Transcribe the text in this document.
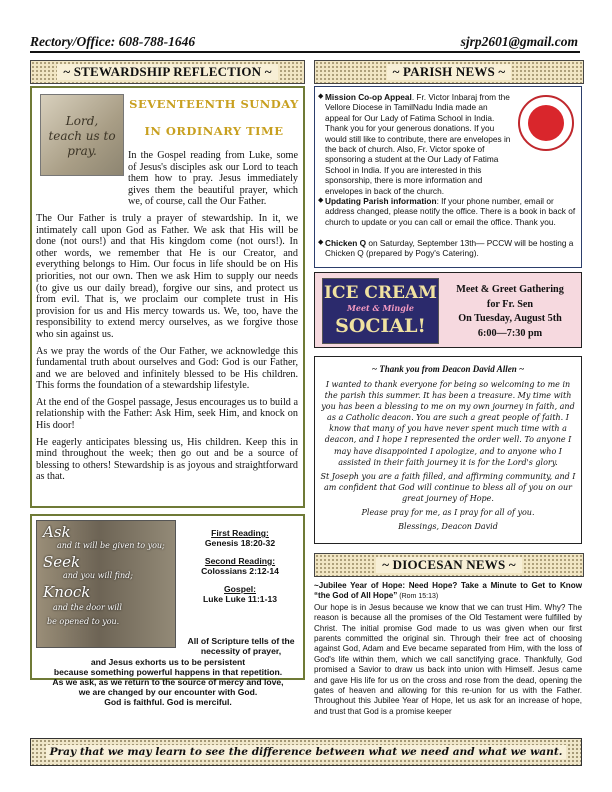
Rectory/Office: 608-788-1646	sjrp2601@gmail.com
~ STEWARDSHIP REFLECTION ~	~ PARISH NEWS ~
Lord,
teach us to
pray.
SEVENTEENTH SUNDAY
IN ORDINARY TIME

In the Gospel reading from Luke, some of Jesus's disciples ask our Lord to teach them how to pray. Jesus immediately gives them the beautiful prayer, which we, of course, call the Our Father.

The Our Father is truly a prayer of stewardship. In it, we intimately call upon God as Father. We ask that His will be done (not ours!) and that His kingdom come (not ours!). In other words, we remember that He is our Creator, and everything belongs to Him. Our focus in life should be on His priorities, not our own. Then we ask Him to supply our needs (to give us our daily bread), forgive our sins, and protect us from evil. That is, we proclaim our complete trust in His provision for us and His mercy towards us. We, too, have the responsibility to extend mercy ourselves, as we forgive those who sin against us.

As we pray the words of the Our Father, we acknowledge this fundamental truth about ourselves and God: God is our Father, and we are beloved and infinitely blessed to be His children. This forms the foundation of a stewardship lifestyle.

At the end of the Gospel passage, Jesus encourages us to build a relationship with the Father: Ask Him, seek Him, and knock on His door!

He eagerly anticipates blessing us, His children. Keep this in mind throughout the week; then go out and be a source of blessing to others! Stewardship is as joyous and straightforward as that.

Ask
and it will be given to you;
Seek
and you will find;
Knock
and the door will
be opened to you.
First Reading:
Genesis 18:20-32
Second Reading:
Colossians 2:12-14
Gospel:
Luke Luke 11:1-13
All of Scripture tells of the
necessity of prayer,
and Jesus exhorts us to be persistent
because something powerful happens in that repetition.
As we ask, as we return to the source of mercy and love,
we are changed by our encounter with God.
God is faithful. God is merciful.
◆ Mission Co-op Appeal. Fr. Victor Inbaraj from the Vellore Diocese in TamilNadu India made an appeal for Our Lady of Fatima School in India. Thank you for your generous donations. If you would still like to contribute, there are envelopes in the back of church. Also, Fr. Victor spoke of sponsoring a student at the Our Lady of Fatima School in India. If you are interested in this sponsorship, there is more information and envelopes in back of the church.
◆ Updating Parish information: If your phone number, email or address changed, please notify the office. There is a book in back of church to update or you can call or email the office. Thank you.
◆ Chicken Q on Saturday, September 13th— PCCW will be hosting a Chicken Q (prepared by Pogy's Catering).
ICE CREAM
Meet & Mingle
SOCIAL!
Meet & Greet Gathering
for Fr. Sen
On Tuesday, August 5th
6:00—7:30 pm
~ Thank you from Deacon David Allen ~
I wanted to thank everyone for being so welcoming to me in the parish this summer. It has been a treasure. My time with you has been a blessing to me on my own journey in faith, and as a Catholic deacon. You are such a great people of faith. I know that many of you have never spent much time with a deacon, and I hope I represented the order well. To anyone I may have disappointed I apologize, and to anyone who I assisted in their faith journey it is for the Lord's glory.
St Joseph you are a faith filled, and affirming community, and I am confident that God will continue to bless all of you on our great journey of Hope.
Please pray for me, as I pray for all of you.
Blessings, Deacon David
~ DIOCESAN NEWS ~
~Jubilee Year of Hope: Need Hope? Take a Minute to Get to Know “the God of All Hope” (Rom 15:13)
Our hope is in Jesus because we know that we can trust Him. Why? The reason is because all the promises of the Old Testament were fulfilled by Christ. The initial promise God made to us was given when our first parents committed the original sin. Through their free act of choosing against God, Adam and Eve became separated from Him, with the loss of God's life within them, which we call sanctifying grace. Thankfully, God promised a Savior to draw us back into union with Himself. Jesus came and gave His life for us on the cross and rose from the dead, opening the gates of heaven and allowing for this re-union for us with the Father. Throughout this Jubilee Year of Hope, let us ask for an increase of hope, and trust that God is a promise keeper
Pray that we may learn to see the difference between what we need and what we want.
